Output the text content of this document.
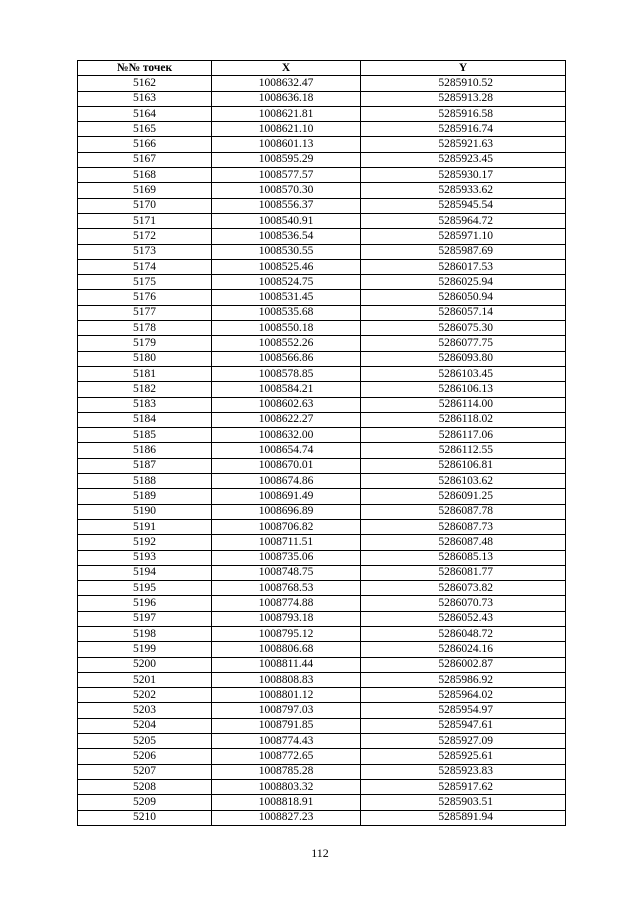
№№ точек	X	Y
5162	1008632.47	5285910.52
5163	1008636.18	5285913.28
5164	1008621.81	5285916.58
5165	1008621.10	5285916.74
5166	1008601.13	5285921.63
5167	1008595.29	5285923.45
5168	1008577.57	5285930.17
5169	1008570.30	5285933.62
5170	1008556.37	5285945.54
5171	1008540.91	5285964.72
5172	1008536.54	5285971.10
5173	1008530.55	5285987.69
5174	1008525.46	5286017.53
5175	1008524.75	5286025.94
5176	1008531.45	5286050.94
5177	1008535.68	5286057.14
5178	1008550.18	5286075.30
5179	1008552.26	5286077.75
5180	1008566.86	5286093.80
5181	1008578.85	5286103.45
5182	1008584.21	5286106.13
5183	1008602.63	5286114.00
5184	1008622.27	5286118.02
5185	1008632.00	5286117.06
5186	1008654.74	5286112.55
5187	1008670.01	5286106.81
5188	1008674.86	5286103.62
5189	1008691.49	5286091.25
5190	1008696.89	5286087.78
5191	1008706.82	5286087.73
5192	1008711.51	5286087.48
5193	1008735.06	5286085.13
5194	1008748.75	5286081.77
5195	1008768.53	5286073.82
5196	1008774.88	5286070.73
5197	1008793.18	5286052.43
5198	1008795.12	5286048.72
5199	1008806.68	5286024.16
5200	1008811.44	5286002.87
5201	1008808.83	5285986.92
5202	1008801.12	5285964.02
5203	1008797.03	5285954.97
5204	1008791.85	5285947.61
5205	1008774.43	5285927.09
5206	1008772.65	5285925.61
5207	1008785.28	5285923.83
5208	1008803.32	5285917.62
5209	1008818.91	5285903.51
5210	1008827.23	5285891.94
112
